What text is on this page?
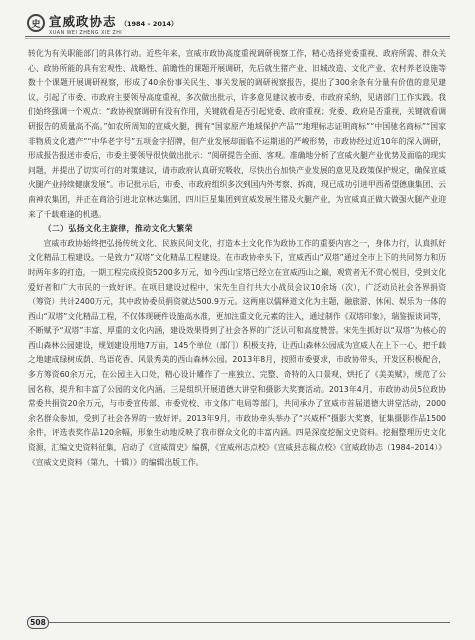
史 宣威政协志 （1984 – 2014）
XUAN WEI ZHENG XIE ZHI

转化为有关职能部门的具体行动。近些年来，宣威市政协高度重视调研视察工作，精心选择党委重视、政府所需、群众关心、政协所能的具有宏观性、战略性、前瞻性的课题开展调研，先后就生猪产业、旧城改造、文化产业、农村养老设施等数十个课题开展调研视察，形成了40余份事关民生、事关发展的调研视察报告，提出了300余条有分量有价值的意见建议，引起了市委、市政府主要领导高度重视，多次做出批示，许多意见建议被市委、市政府采纳，见诸部门工作实践。我们始终强调一个观点：“政协视察调研有没有作用，关键就看是否引起党委、政府重视；党委、政府是否重视，关键就看调研报告的质量高不高。”如农所周知的宣威火腿，拥有“国家原产地域保护产品”“地理标志证明商标”“中国驰名商标”“国家非物质文化遗产”“中华老字号”五项金字招牌，但产业发展却面临不运期退的严峻形势，市政协经过近10年的深入调研，形成报告报送市委后，市委主要领导很快做出批示：“阅研提告全面、客观。准确地分析了宣威火腿产业优势及面临的现实问题，并提出了切实可行的对策建议，请市政府认真研究吸收，尽快出台加快产业发展的意见及政策保护规定，确保宣威火腿产业持续健康发展”。市记批示后，市委、市政府组织多次到国内外考察、拆商，现已成功引进甲西希望德康集团、云南神农集团，并正在商洽引进北京林达集团、四川巨星集团到宣威发展生猪及火腿产业，为宣威真正做大做强火腿产业迎来了千载难逢的机遇。

（二）弘扬文化主旋律，推动文化大繁荣

宣威市政协始终把弘扬传统文化、民族民间文化，打造本土文化作为政协工作的重要内容之一，身体力行，认真抓好文化精品工程建设。一是致力“双塔”文化精品工程建设。在市政协牵头下，宣威西山“双塔”通过全市上下的共同努力和历时两年多的打造，一期工程完成投资5200多万元，如今西山宝塔已经立在宣威西山之巅，观赏者无不赏心悦目，受到文化爱好者和广大市民的一致好评。在项目建设过程中，宋先生自行共大小战员会议10余场（次），广泛动员社会各界捐资（筹资）共计2400万元，其中政协委员捐资就达500.9万元。这两座以儒释道文化为主题，融旅游、休闲、娱乐为一体的西山“双塔”文化精品工程，不仅体现硬件设施高水准，更加注重文化元素的注入，通过制作《双塔印象》，瑞鉴振谈词等，不断赋予“双塔”丰富、厚重的文化内涵，建设效果得到了社会各界的广泛认可和高度赞誉。宋先生抓好以“双塔”为核心的西山森林公园建设，规划建设用地7万亩，145个单位（部门）积极支持，让西山森林公园成为宣威人在上下一心，把千载之地建成绿树成荫、鸟语花香、风景秀美的西山森林公园。2013年8月，按照市委要求，市政协带头，开发区积极配合，多方筹资60余万元，在公园主入口处，精心设计雕作了一座独立、完整、奇特的入口景观，烘托了《美美赋》，规范了公园名称，提升和丰富了公园的文化内涵。三是组织开展道德大讲堂和摄影大奖赛活动。2013年4月，市政协动员5位政协常委共捐资20余万元，与市委宣传部、市委党校、市文体广电局等部门，共同承办了宣威市首届道德大讲堂活动，2000余名群众参加，受到了社会各界的一致好评。2013年9月，市政协牵头举办了“兴威杯”摄影大奖赛，征集摄影作品1500余件，评选表奖作品120余幅，形象生动地反映了我市群众文化的丰富内涵。四是深度挖掘文史资料。挖掘整理历史文化资源，汇编文史资料征集，启动了《宣威简史》编撰，《宣威州志点校》《宣威县志稿点校》《宣威政协志（1984–2014）》《宣威文史资料（第九、十辑）》的编辑出版工作。

508
